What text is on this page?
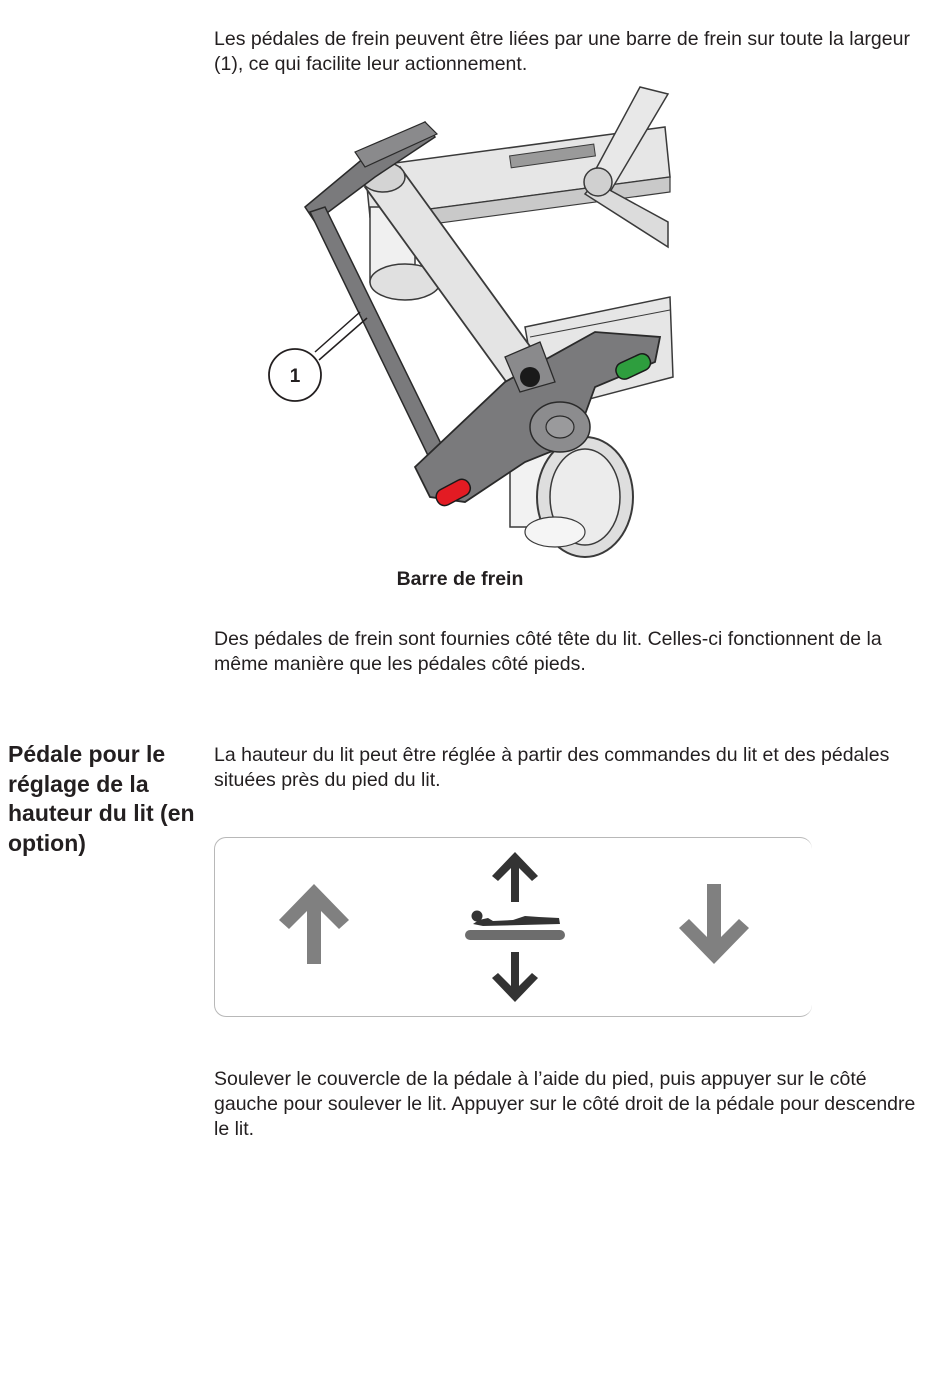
Les pédales de frein peuvent être liées par une barre de frein sur toute la largeur (1), ce qui facilite leur actionnement.

1

Barre de frein

Des pédales de frein sont fournies côté tête du lit. Celles-ci fonctionnent de la même manière que les pédales côté pieds.

Pédale pour le réglage de la hauteur du lit (en option)

La hauteur du lit peut être réglée à partir des commandes du lit et des pédales situées près du pied du lit.

Soulever le couvercle de la pédale à l’aide du pied, puis appuyer sur le côté gauche pour soulever le lit. Appuyer sur le côté droit de la pédale pour descendre le lit.
